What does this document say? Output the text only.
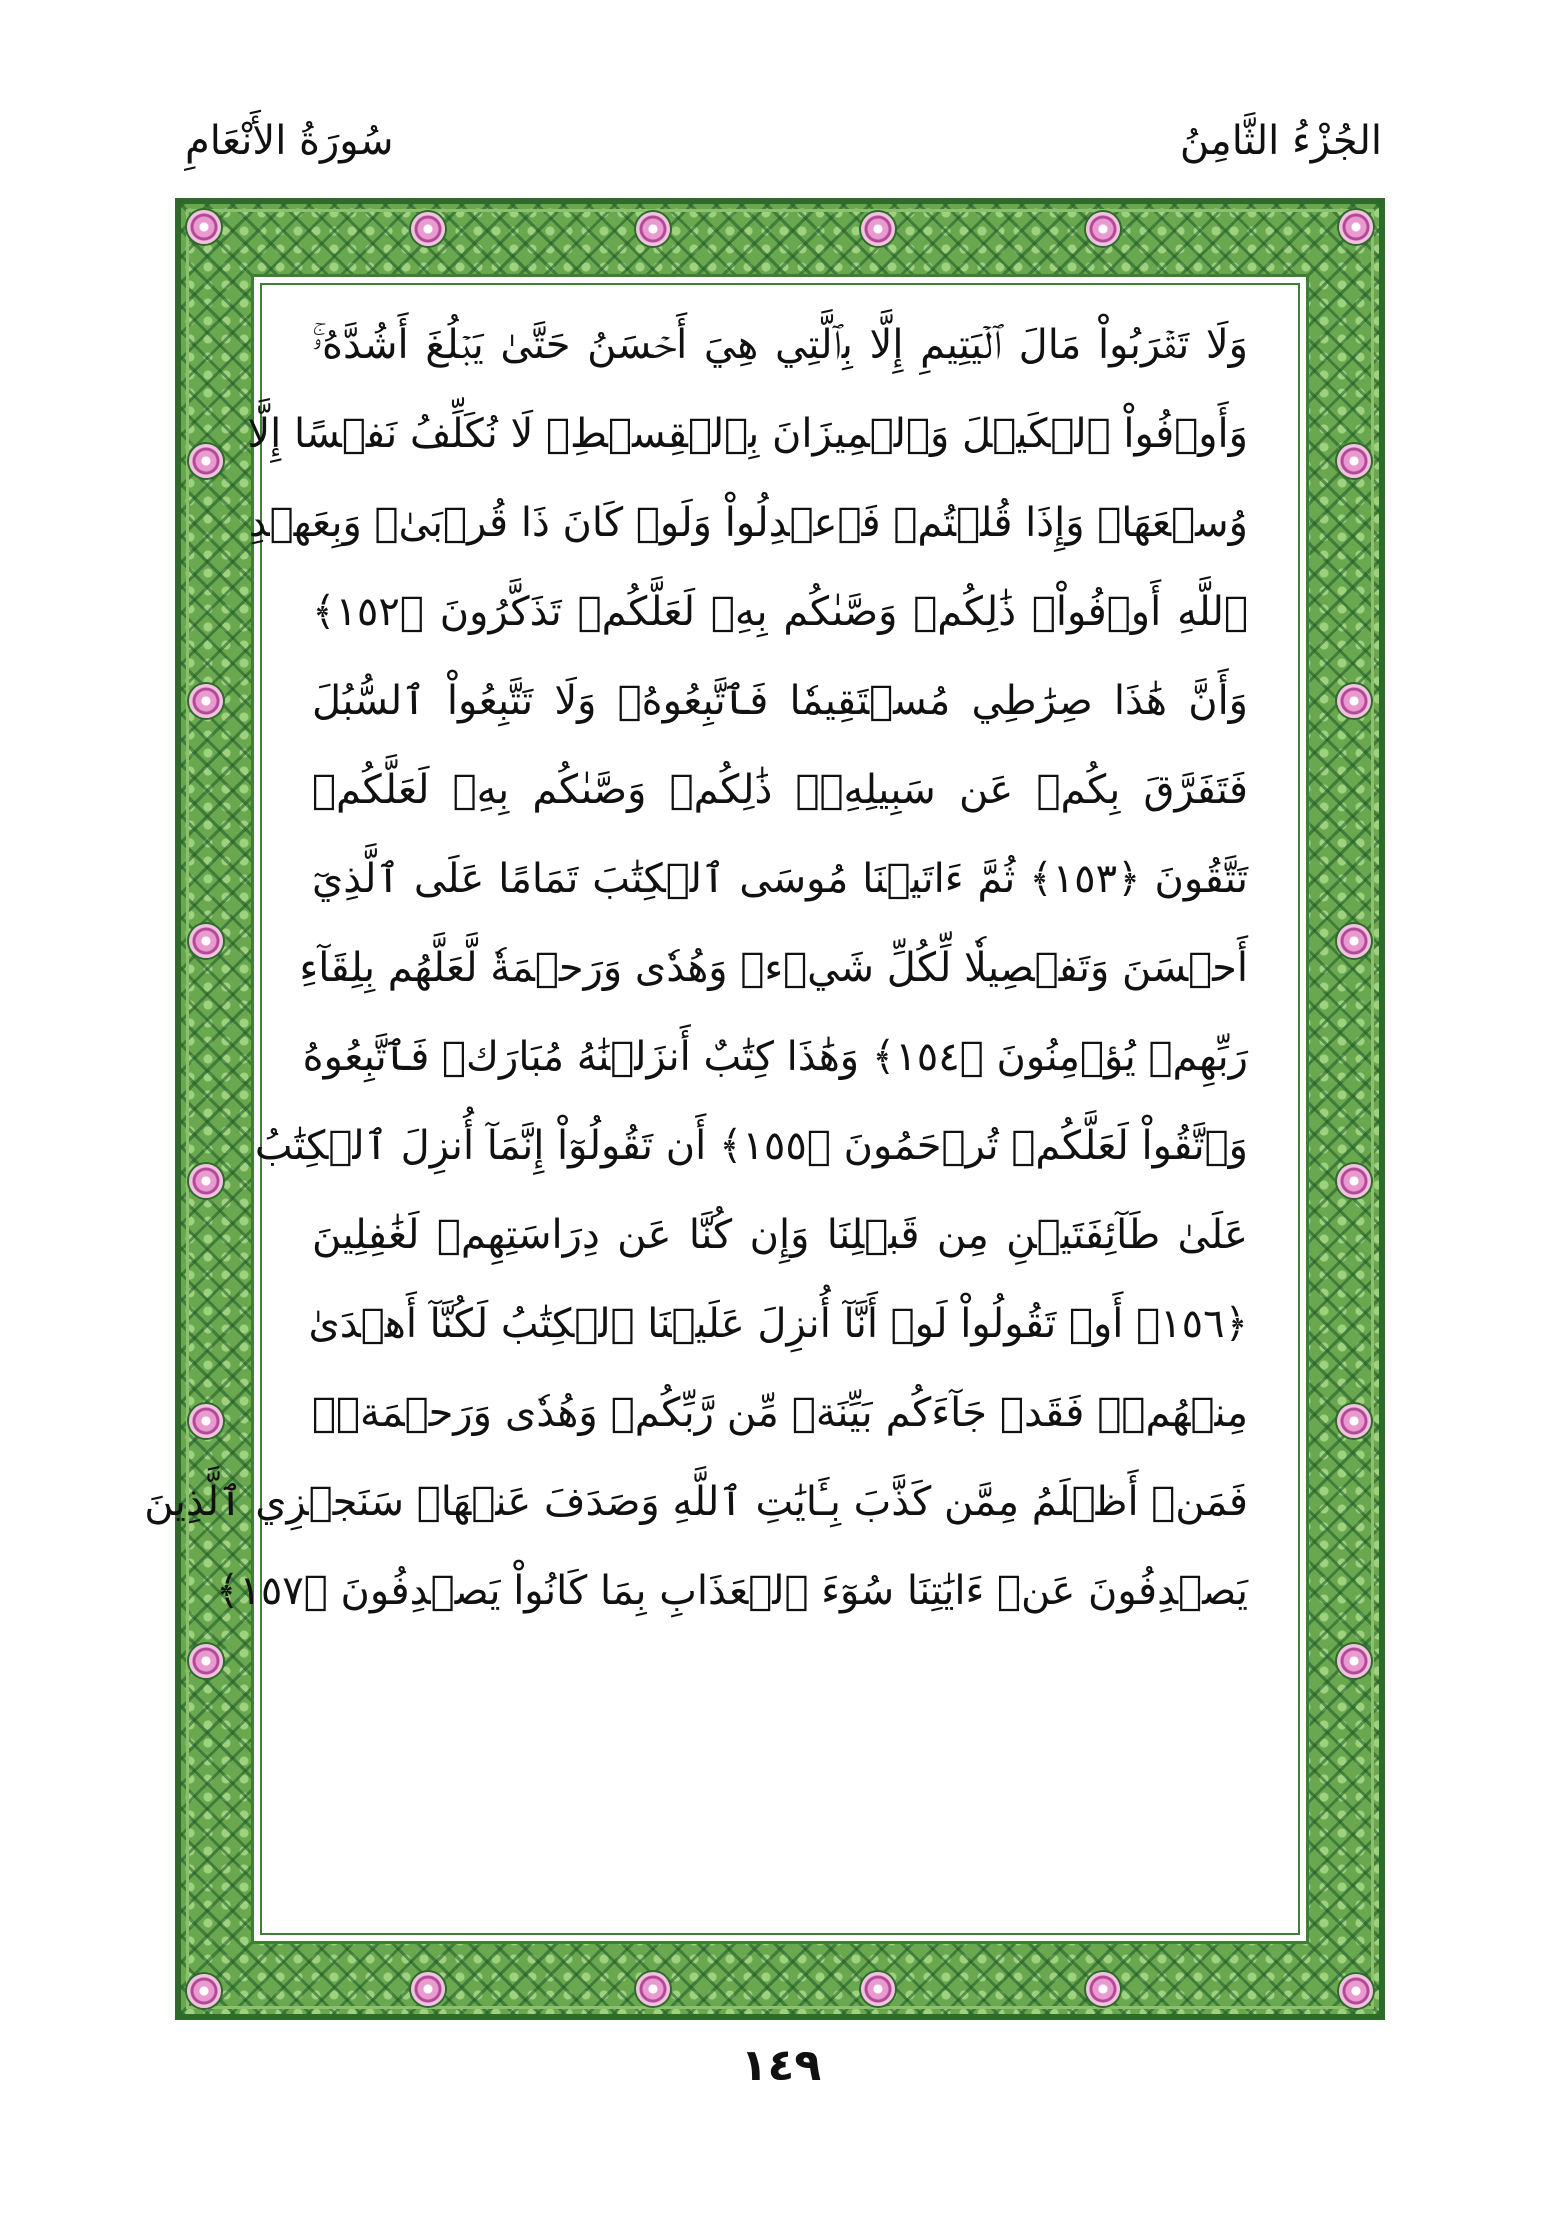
الجُزْءُ الثَّامِنُ
سُورَةُ الأَنْعَامِ
وَلَا تَقۡرَبُواْ مَالَ ٱلۡيَتِيمِ إِلَّا بِٱلَّتِي هِيَ أَحۡسَنُ حَتَّىٰ يَبۡلُغَ أَشُدَّهُۥۚ
وَأَوۡفُواْ ٱلۡكَيۡلَ وَٱلۡمِيزَانَ بِٱلۡقِسۡطِۖ لَا نُكَلِّفُ نَفۡسًا إِلَّا
وُسۡعَهَاۖ وَإِذَا قُلۡتُمۡ فَٱعۡدِلُواْ وَلَوۡ كَانَ ذَا قُرۡبَىٰۖ وَبِعَهۡدِ
ٱللَّهِ أَوۡفُواْۚ ذَٰلِكُمۡ وَصَّىٰكُم بِهِۦ لَعَلَّكُمۡ تَذَكَّرُونَ ﴿١٥٢﴾
وَأَنَّ هَٰذَا صِرَٰطِي مُسۡتَقِيمٗا فَٱتَّبِعُوهُۖ وَلَا تَتَّبِعُواْ ٱلسُّبُلَ
فَتَفَرَّقَ بِكُمۡ عَن سَبِيلِهِۦۚ ذَٰلِكُمۡ وَصَّىٰكُم بِهِۦ لَعَلَّكُمۡ
تَتَّقُونَ ﴿١٥٣﴾ ثُمَّ ءَاتَيۡنَا مُوسَى ٱلۡكِتَٰبَ تَمَامًا عَلَى ٱلَّذِيٓ
أَحۡسَنَ وَتَفۡصِيلٗا لِّكُلِّ شَيۡءٖ وَهُدٗى وَرَحۡمَةٗ لَّعَلَّهُم بِلِقَآءِ
رَبِّهِمۡ يُؤۡمِنُونَ ﴿١٥٤﴾ وَهَٰذَا كِتَٰبٌ أَنزَلۡنَٰهُ مُبَارَكٞ فَٱتَّبِعُوهُ
وَٱتَّقُواْ لَعَلَّكُمۡ تُرۡحَمُونَ ﴿١٥٥﴾ أَن تَقُولُوٓاْ إِنَّمَآ أُنزِلَ ٱلۡكِتَٰبُ
عَلَىٰ طَآئِفَتَيۡنِ مِن قَبۡلِنَا وَإِن كُنَّا عَن دِرَاسَتِهِمۡ لَغَٰفِلِينَ
﴿١٥٦﴾ أَوۡ تَقُولُواْ لَوۡ أَنَّآ أُنزِلَ عَلَيۡنَا ٱلۡكِتَٰبُ لَكُنَّآ أَهۡدَىٰ
مِنۡهُمۡۚ فَقَدۡ جَآءَكُم بَيِّنَةٞ مِّن رَّبِّكُمۡ وَهُدٗى وَرَحۡمَةٞۚ
فَمَنۡ أَظۡلَمُ مِمَّن كَذَّبَ بِـَٔايَٰتِ ٱللَّهِ وَصَدَفَ عَنۡهَاۗ سَنَجۡزِي ٱلَّذِينَ
يَصۡدِفُونَ عَنۡ ءَايَٰتِنَا سُوٓءَ ٱلۡعَذَابِ بِمَا كَانُواْ يَصۡدِفُونَ ﴿١٥٧﴾
١٤٩
